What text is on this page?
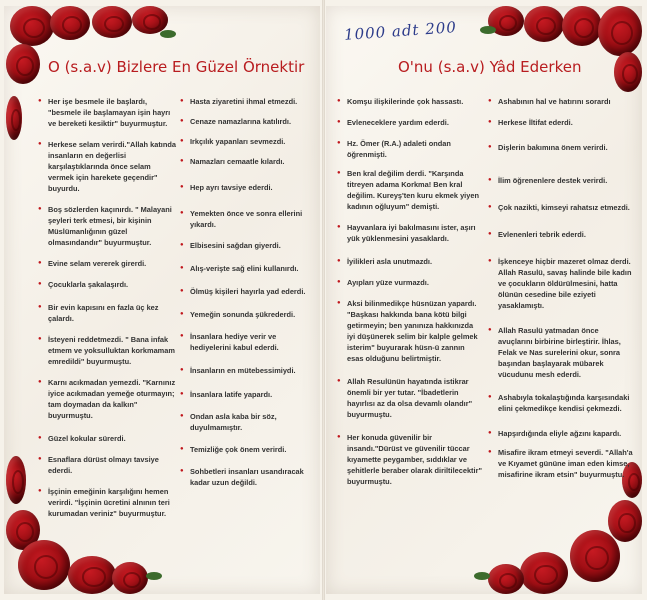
1000 adt 200
O (s.a.v) Bizlere En Güzel Örnektir	O'nu (s.a.v) Yâd Ederken
● Her işe besmele ile başlardı, "besmele ile başlamayan işin hayrı ve bereketi kesiktir" buyurmuştur.
● Herkese selam verirdi."Allah katında insanların en değerlisi karşılaştıklarında önce selam vermek için harekete geçendir" buyurdu.
● Boş sözlerden kaçınırdı. " Malayani şeyleri terk etmesi, bir kişinin Müslümanlığının güzel olmasındandır" buyurmuştur.
● Evine selam vererek girerdi.
● Çocuklarla şakalaşırdı.
● Bir evin kapısını en fazla üç kez çalardı.
● İsteyeni reddetmezdi. " Bana infak etmem ve yoksulluktan korkmamam emredildi" buyurmuştu.
● Karnı acıkmadan yemezdi. "Karnınız iyice acıkmadan yemeğe oturmayın; tam doymadan da kalkın" buyurmuştu.
● Güzel kokular sürerdi.
● Esnaflara dürüst olmayı tavsiye ederdi.
● İşçinin emeğinin karşılığını hemen verirdi. "İşçinin ücretini alnının teri kurumadan veriniz" buyurmuştur.
● Hasta ziyaretini ihmal etmezdi.
● Cenaze namazlarına katılırdı.
● Irkçılık yapanları sevmezdi.
● Namazları cemaatle kılardı.
● Hep ayrı tavsiye ederdi.
● Yemekten önce ve sonra ellerini yıkardı.
● Elbisesini sağdan giyerdi.
● Alış-verişte sağ elini kullanırdı.
● Ölmüş kişileri hayırla yad ederdi.
● Yemeğin sonunda şükrederdi.
● İnsanlara hediye verir ve hediyelerini kabul ederdi.
● İnsanların en mütebessimiydi.
● İnsanlara latife yapardı.
● Ondan asla kaba bir söz, duyulmamıştır.
● Temizliğe çok önem verirdi.
● Sohbetleri insanları usandıracak kadar uzun değildi.
● Komşu ilişkilerinde çok hassastı.
● Evleneceklere yardım ederdi.
● Hz. Ömer (R.A.) adaleti ondan öğrenmişti.
● Ben kral değilim derdi. "Karşında titreyen adama Korkma! Ben kral değilim. Kureyş'ten kuru ekmek yiyen kadının oğluyum" demişti.
● Hayvanlara iyi bakılmasını ister, aşırı yük yüklenmesini yasaklardı.
● İyilikleri asla unutmazdı.
● Ayıpları yüze vurmazdı.
● Aksi bilinmedikçe hüsnüzan yapardı. "Başkası hakkında bana kötü bilgi getirmeyin; ben yanınıza hakkınızda iyi düşünerek selim bir kalple gelmek isterim" buyurarak hüsn-ü zannın esas olduğunu belirtmiştir.
● Allah Resulünün hayatında istikrar önemli bir yer tutar. "İbadetlerin hayırlısı az da olsa devamlı olandır" buyurmuştu.
● Her konuda güvenilir bir insandı."Dürüst ve güvenilir tüccar kıyamette peygamber, sıddıklar ve şehitlerle beraber olarak diriltilecektir" buyurmuştu.
● Ashabının hal ve hatırını sorardı
● Herkese İltifat ederdi.
● Dişlerin bakımına önem verirdi.
● İlim öğrenenlere destek verirdi.
● Çok nazikti, kimseyi rahatsız etmezdi.
● Evlenenleri tebrik ederdi.
● İşkenceye hiçbir mazeret olmaz derdi. Allah Rasulü, savaş halinde bile kadın ve çocukların öldürülmesini, hatta ölünün cesedine bile eziyeti yasaklamıştı.
● Allah Rasulü yatmadan önce avuçlarını birbirine birleştirir. İhlas, Felak ve Nas surelerini okur, sonra başından başlayarak mübarek vücudunu mesh ederdi.
● Ashabıyla tokalaştığında karşısındaki elini çekmedikçe kendisi çekmezdi.
● Hapşırdığında eliyle ağzını kapardı.
● Misafire ikram etmeyi severdi. "Allah'a ve Kıyamet gününe iman eden kimse, misafirine ikram etsin" buyurmuştu.
